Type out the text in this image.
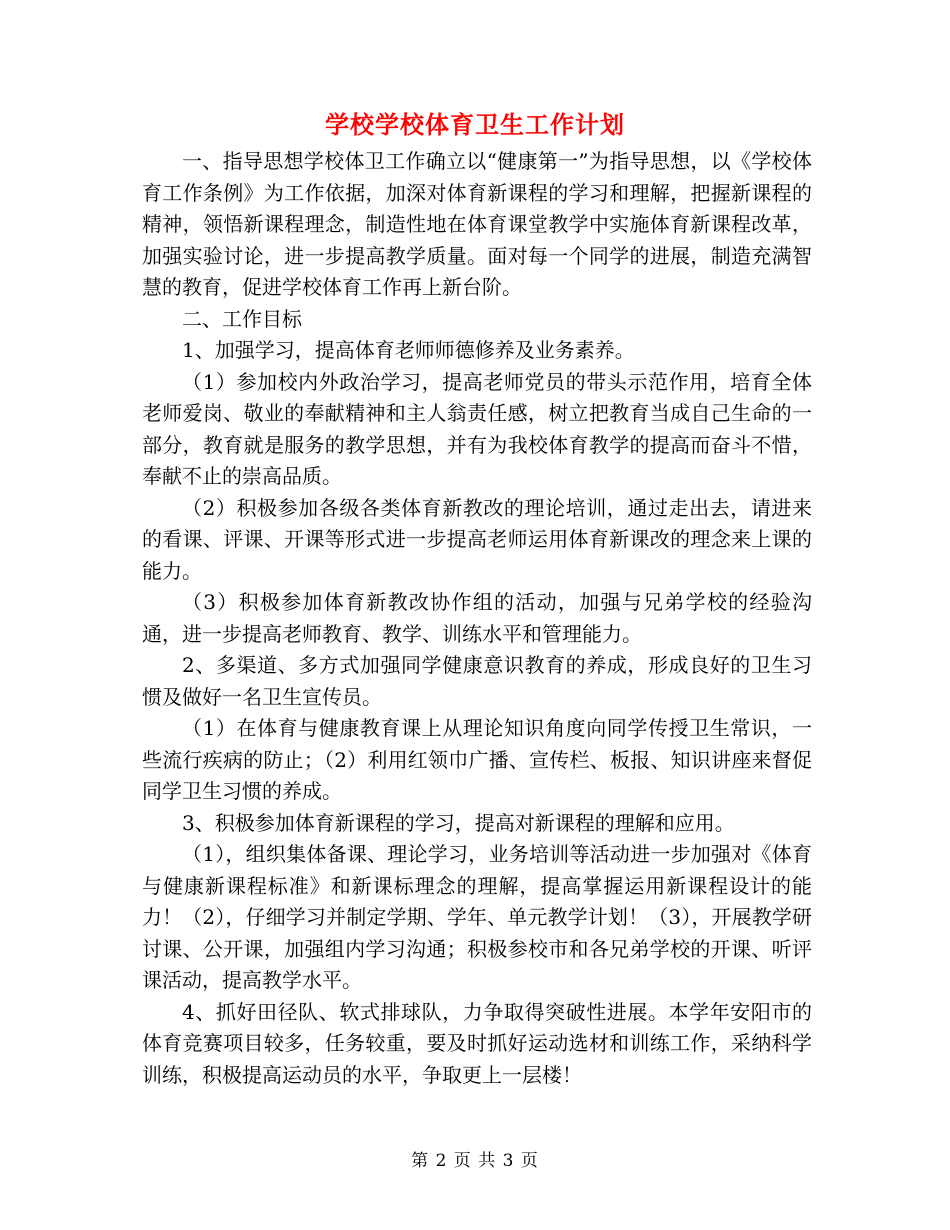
学校学校体育卫生工作计划

一、指导思想学校体卫工作确立以“健康第一”为指导思想，以《学校体育工作条例》为工作依据，加深对体育新课程的学习和理解，把握新课程的精神，领悟新课程理念，制造性地在体育课堂教学中实施体育新课程改革，加强实验讨论，进一步提高教学质量。面对每一个同学的进展，制造充满智慧的教育，促进学校体育工作再上新台阶。

二、工作目标

1、加强学习，提高体育老师师德修养及业务素养。

（1）参加校内外政治学习，提高老师党员的带头示范作用，培育全体老师爱岗、敬业的奉献精神和主人翁责任感，树立把教育当成自己生命的一部分，教育就是服务的教学思想，并有为我校体育教学的提高而奋斗不惜，奉献不止的崇高品质。

（2）积极参加各级各类体育新教改的理论培训，通过走出去，请进来的看课、评课、开课等形式进一步提高老师运用体育新课改的理念来上课的能力。

（3）积极参加体育新教改协作组的活动，加强与兄弟学校的经验沟通，进一步提高老师教育、教学、训练水平和管理能力。

2、多渠道、多方式加强同学健康意识教育的养成，形成良好的卫生习惯及做好一名卫生宣传员。

（1）在体育与健康教育课上从理论知识角度向同学传授卫生常识，一些流行疾病的防止；（2）利用红领巾广播、宣传栏、板报、知识讲座来督促同学卫生习惯的养成。

3、积极参加体育新课程的学习，提高对新课程的理解和应用。

（1），组织集体备课、理论学习，业务培训等活动进一步加强对《体育与健康新课程标准》和新课标理念的理解，提高掌握运用新课程设计的能力！（2），仔细学习并制定学期、学年、单元教学计划！（3），开展教学研讨课、公开课，加强组内学习沟通；积极参校市和各兄弟学校的开课、听评课活动，提高教学水平。

4、抓好田径队、软式排球队，力争取得突破性进展。本学年安阳市的体育竞赛项目较多，任务较重，要及时抓好运动选材和训练工作，采纳科学训练，积极提高运动员的水平，争取更上一层楼！

第 2 页 共 3 页
